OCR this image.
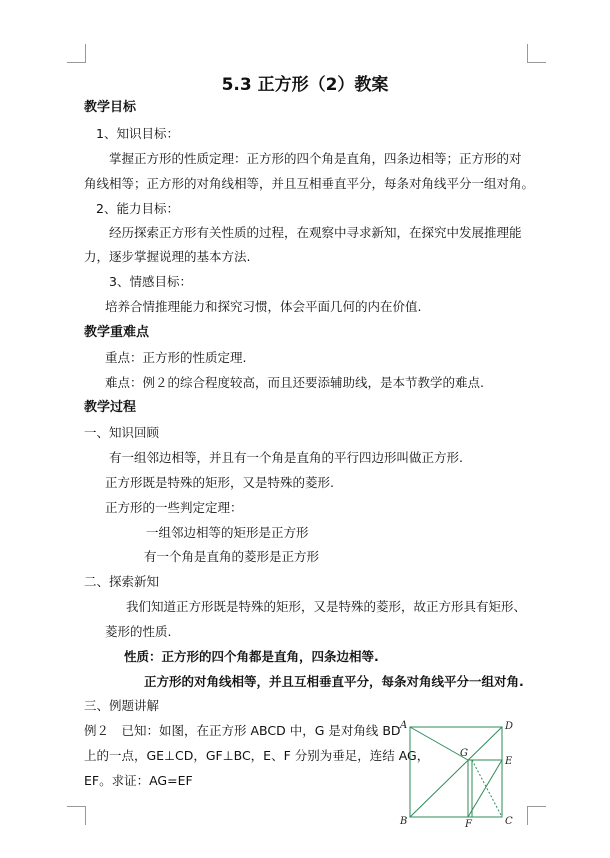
5.3 正方形（2）教案
教学目标
1、知识目标：
掌握正方形的性质定理：正方形的四个角是直角，四条边相等；正方形的对
角线相等；正方形的对角线相等，并且互相垂直平分，每条对角线平分一组对角。
2、能力目标：
经历探索正方形有关性质的过程，在观察中寻求新知，在探究中发展推理能
力，逐步掌握说理的基本方法.
3、情感目标：
培养合情推理能力和探究习惯，体会平面几何的内在价值.
教学重难点
重点：正方形的性质定理.
难点：例２的综合程度较高，而且还要添辅助线，是本节教学的难点.
教学过程
一、知识回顾
有一组邻边相等，并且有一个角是直角的平行四边形叫做正方形.
正方形既是特殊的矩形，又是特殊的菱形.
正方形的一些判定定理：
一组邻边相等的矩形是正方形
有一个角是直角的菱形是正方形
二、探索新知
我们知道正方形既是特殊的矩形，又是特殊的菱形，故正方形具有矩形、
菱形的性质.
性质：正方形的四个角都是直角，四条边相等.
正方形的对角线相等，并且互相垂直平分，每条对角线平分一组对角.
三、例题讲解
例２　已知：如图，在正方形 ABCD 中，G 是对角线 BD
上的一点，GE⊥CD，GF⊥BC，E、F 分别为垂足，连结 AG，
EF。求证：AG=EF
A	D
B	C
G
E
F
